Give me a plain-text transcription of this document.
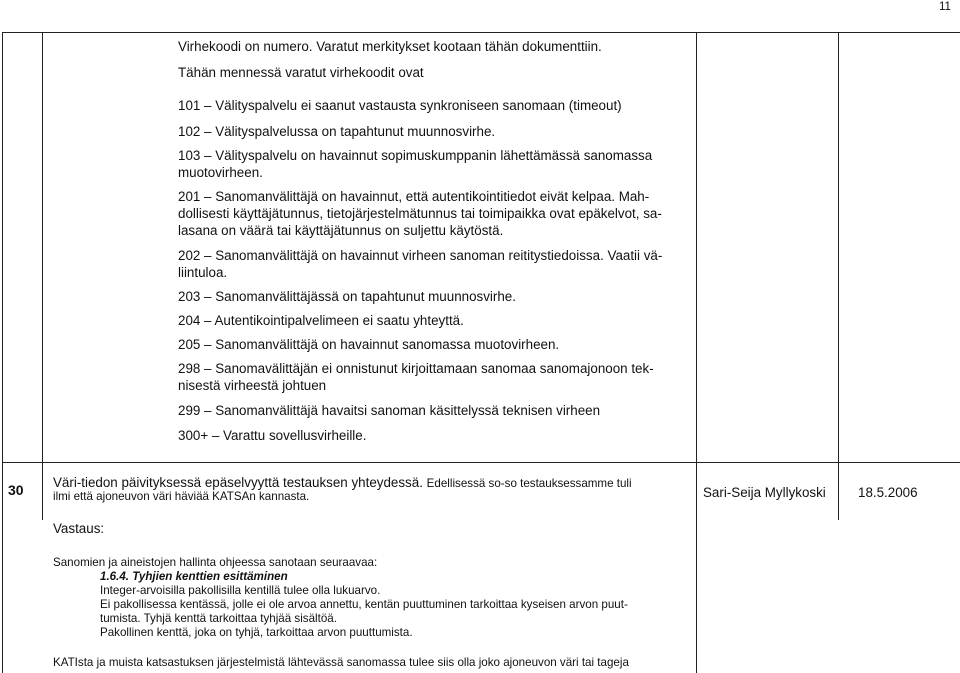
11
Virhekoodi on numero. Varatut merkitykset kootaan tähän dokumenttiin.
Tähän mennessä varatut virhekoodit ovat
101 – Välityspalvelu ei saanut vastausta synkroniseen sanomaan (timeout)
102 – Välityspalvelussa on tapahtunut muunnosvirhe.
103 – Välityspalvelu on havainnut sopimuskumppanin lähettämässä sanomassa
muotovirheen.
201 – Sanomanvälittäjä on havainnut, että autentikointitiedot eivät kelpaa. Mah-
dollisesti käyttäjätunnus, tietojärjestelmätunnus tai toimipaikka ovat epäkelvot, sa-
lasana on väärä tai käyttäjätunnus on suljettu käytöstä.
202 – Sanomanvälittäjä on havainnut virheen sanoman reititystiedoissa. Vaatii vä-
liintuloa.
203 – Sanomanvälittäjässä on tapahtunut muunnosvirhe.
204 – Autentikointipalvelimeen ei saatu yhteyttä.
205 – Sanomanvälittäjä on havainnut sanomassa muotovirheen.
298 – Sanomavälittäjän ei onnistunut kirjoittamaan sanomaa sanomajonoon tek-
nisestä virheestä johtuen
299 – Sanomanvälittäjä havaitsi sanoman käsittelyssä teknisen virheen
300+ – Varattu sovellusvirheille.
30 Väri-tiedon päivityksessä epäselvyyttä testauksen yhteydessä. Edellisessä so-so testauksessamme tuli
ilmi että ajoneuvon väri häviää KATSAn kannasta.	Sari-Seija Myllykoski 18.5.2006
Vastaus:
Sanomien ja aineistojen hallinta ohjeessa sanotaan seuraavaa:
1.6.4. Tyhjien kenttien esittäminen
Integer-arvoisilla pakollisilla kentillä tulee olla lukuarvo.
Ei pakollisessa kentässä, jolle ei ole arvoa annettu, kentän puuttuminen tarkoittaa kyseisen arvon puut-
tumista. Tyhjä kenttä tarkoittaa tyhjää sisältöä.
Pakollinen kenttä, joka on tyhjä, tarkoittaa arvon puuttumista.
KATIsta ja muista katsastuksen järjestelmistä lähtevässä sanomassa tulee siis olla joko ajoneuvon väri tai tageja
